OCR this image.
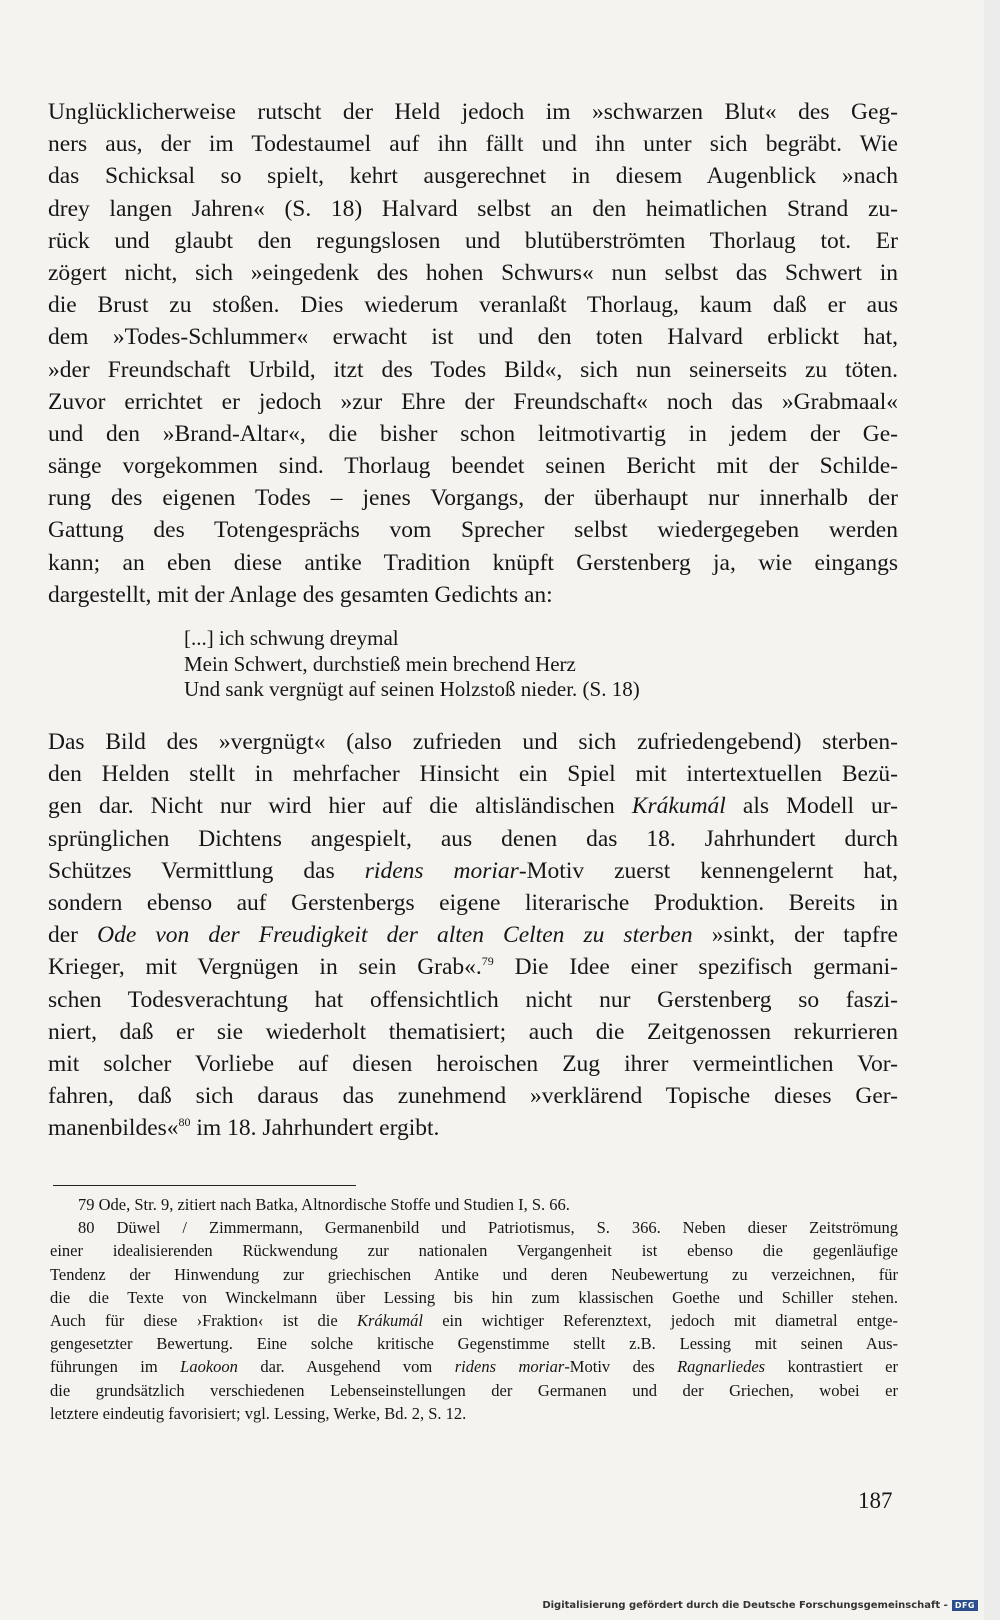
Unglücklicherweise rutscht der Held jedoch im »schwarzen Blut« des Geg-
ners aus, der im Todestaumel auf ihn fällt und ihn unter sich begräbt. Wie
das Schicksal so spielt, kehrt ausgerechnet in diesem Augenblick »nach
drey langen Jahren« (S. 18) Halvard selbst an den heimatlichen Strand zu-
rück und glaubt den regungslosen und blutüberströmten Thorlaug tot. Er
zögert nicht, sich »eingedenk des hohen Schwurs« nun selbst das Schwert in
die Brust zu stoßen. Dies wiederum veranlaßt Thorlaug, kaum daß er aus
dem »Todes-Schlummer« erwacht ist und den toten Halvard erblickt hat,
»der Freundschaft Urbild, itzt des Todes Bild«, sich nun seinerseits zu töten.
Zuvor errichtet er jedoch »zur Ehre der Freundschaft« noch das »Grabmaal«
und den »Brand-Altar«, die bisher schon leitmotivartig in jedem der Ge-
sänge vorgekommen sind. Thorlaug beendet seinen Bericht mit der Schilde-
rung des eigenen Todes – jenes Vorgangs, der überhaupt nur innerhalb der
Gattung des Totengesprächs vom Sprecher selbst wiedergegeben werden
kann; an eben diese antike Tradition knüpft Gerstenberg ja, wie eingangs
dargestellt, mit der Anlage des gesamten Gedichts an:
[...] ich schwung dreymal
Mein Schwert, durchstieß mein brechend Herz
Und sank vergnügt auf seinen Holzstoß nieder. (S. 18)
Das Bild des »vergnügt« (also zufrieden und sich zufriedengebend) sterben-
den Helden stellt in mehrfacher Hinsicht ein Spiel mit intertextuellen Bezü-
gen dar. Nicht nur wird hier auf die altisländischen Krákumál als Modell ur-
sprünglichen Dichtens angespielt, aus denen das 18. Jahrhundert durch
Schützes Vermittlung das ridens moriar-Motiv zuerst kennengelernt hat,
sondern ebenso auf Gerstenbergs eigene literarische Produktion. Bereits in
der Ode von der Freudigkeit der alten Celten zu sterben »sinkt, der tapfre
Krieger, mit Vergnügen in sein Grab«.$^{79}$ Die Idee einer spezifisch germani-
schen Todesverachtung hat offensichtlich nicht nur Gerstenberg so faszi-
niert, daß er sie wiederholt thematisiert; auch die Zeitgenossen rekurrieren
mit solcher Vorliebe auf diesen heroischen Zug ihrer vermeintlichen Vor-
fahren, daß sich daraus das zunehmend »verklärend Topische dieses Ger-
manenbildes«$^{80}$ im 18. Jahrhundert ergibt.
79 Ode, Str. 9, zitiert nach Batka, Altnordische Stoffe und Studien I, S. 66.
80 Düwel / Zimmermann, Germanenbild und Patriotismus, S. 366. Neben dieser Zeitströmung
einer idealisierenden Rückwendung zur nationalen Vergangenheit ist ebenso die gegenläufige
Tendenz der Hinwendung zur griechischen Antike und deren Neubewertung zu verzeichnen, für
die die Texte von Winckelmann über Lessing bis hin zum klassischen Goethe und Schiller stehen.
Auch für diese ›Fraktion‹ ist die Krákumál ein wichtiger Referenztext, jedoch mit diametral entge-
gengesetzter Bewertung. Eine solche kritische Gegenstimme stellt z.B. Lessing mit seinen Aus-
führungen im Laokoon dar. Ausgehend vom ridens moriar-Motiv des Ragnarliedes kontrastiert er
die grundsätzlich verschiedenen Lebenseinstellungen der Germanen und der Griechen, wobei er
letztere eindeutig favorisiert; vgl. Lessing, Werke, Bd. 2, S. 12.
187
Digitalisierung gefördert durch die Deutsche Forschungsgemeinschaft - DFG
